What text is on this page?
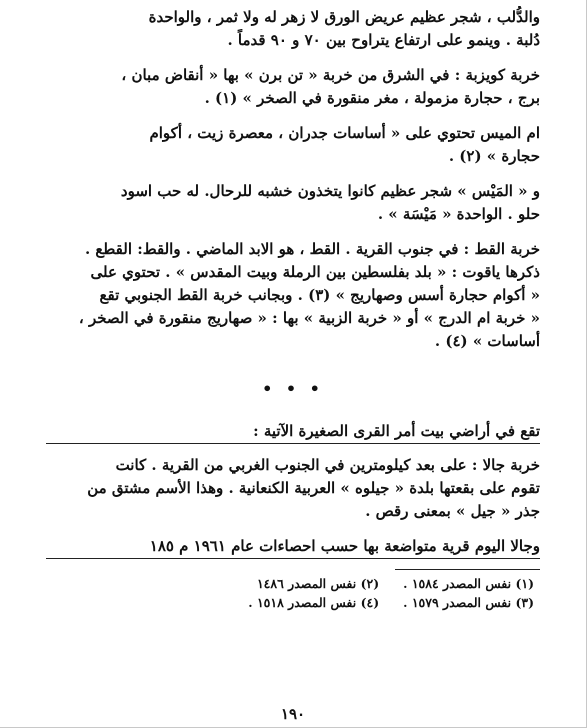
والدُّلب ، شجر عظيم عريض الورق لا زهر له ولا ثمر ، والواحدة
دُلبة . وينمو على ارتفاع يتراوح بين ٧٠ و ٩٠ قدماً .
خربة كويزبة : في الشرق من خربة « تن برن » بها « أنقاض مبان ،
برج ، حجارة مزمولة ، مغر منقورة في الصخر » (١) .
ام الميس تحتوي على « أساسات جدران ، معصرة زيت ، أكوام
حجارة » (٢) .
و « المَيْس » شجر عظيم كانوا يتخذون خشبه للرحال. له حب اسود
حلو . الواحدة « مَيْسَة » .
خربة القط : في جنوب القرية . القط ، هو الابد الماضي . والقط: القطع .
ذكرها ياقوت : « بلد بفلسطين بين الرملة وبيت المقدس » . تحتوي على
« أكوام حجارة أسس وصهاريج » (٣) . وبجانب خربة القط الجنوبي تقع
« خربة ام الدرج » أو « خربة الزبية » بها : « صهاريج منقورة في الصخر ،
أساسات » (٤) .
• • •
تقع في أراضي بيت أمر القرى الصغيرة الآتية :
خربة جالا : على بعد كيلومترين في الجنوب الغربي من القرية . كانت
تقوم على بقعتها بلدة « جيلوه » العربية الكنعانية . وهذا الأسم مشتق من
جذر « جيل » بمعنى رقص .
وجالا اليوم قرية متواضعة بها حسب احصاءات عام ١٩٦١ م ١٨٥
(١) نفس المصدر ١٥٨٤ .
(٢) نفس المصدر ١٤٨٦
(٣) نفس المصدر ١٥٧٩ .
(٤) نفس المصدر ١٥١٨ .
١٩٠
